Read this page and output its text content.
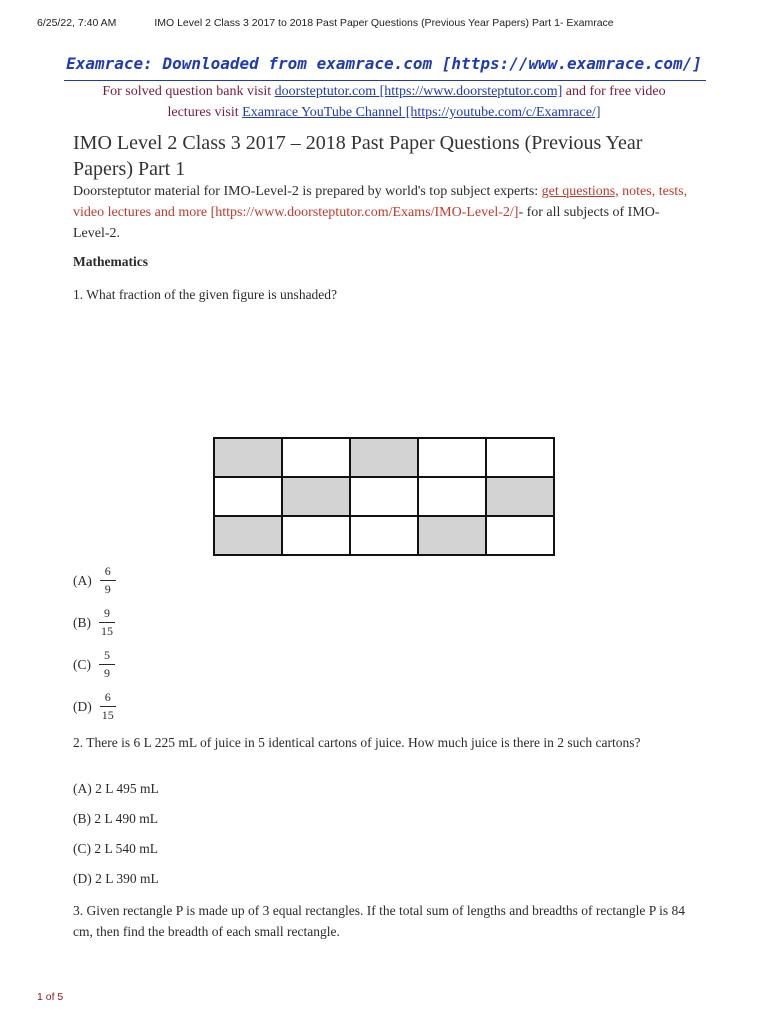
6/25/22, 7:40 AM	IMO Level 2 Class 3 2017 to 2018 Past Paper Questions (Previous Year Papers) Part 1- Examrace
Examrace: Downloaded from examrace.com [https://www.examrace.com/]
For solved question bank visit doorsteptutor.com [https://www.doorsteptutor.com] and for free video
lectures visit Examrace YouTube Channel [https://youtube.com/c/Examrace/]
IMO Level 2 Class 3 2017 – 2018 Past Paper Questions (Previous Year Papers) Part 1
Doorsteptutor material for IMO-Level-2 is prepared by world's top subject experts: get questions, notes, tests, video lectures and more [https://www.doorsteptutor.com/Exams/IMO-Level-2/]- for all subjects of IMO-Level-2.
Mathematics
1. What fraction of the given figure is unshaded?

$(A) \frac{6}{9}$
$(B) \frac{9}{15}$
$(C) \frac{5}{9}$
$(D) \frac{6}{15}$
2. There is 6 L 225 mL of juice in 5 identical cartons of juice. How much juice is there in 2 such cartons?
(A) 2 L 495 mL
(B) 2 L 490 mL
(C) 2 L 540 mL
(D) 2 L 390 mL
3. Given rectangle P is made up of 3 equal rectangles. If the total sum of lengths and breadths of rectangle P is 84 cm, then find the breadth of each small rectangle.
1 of 5
